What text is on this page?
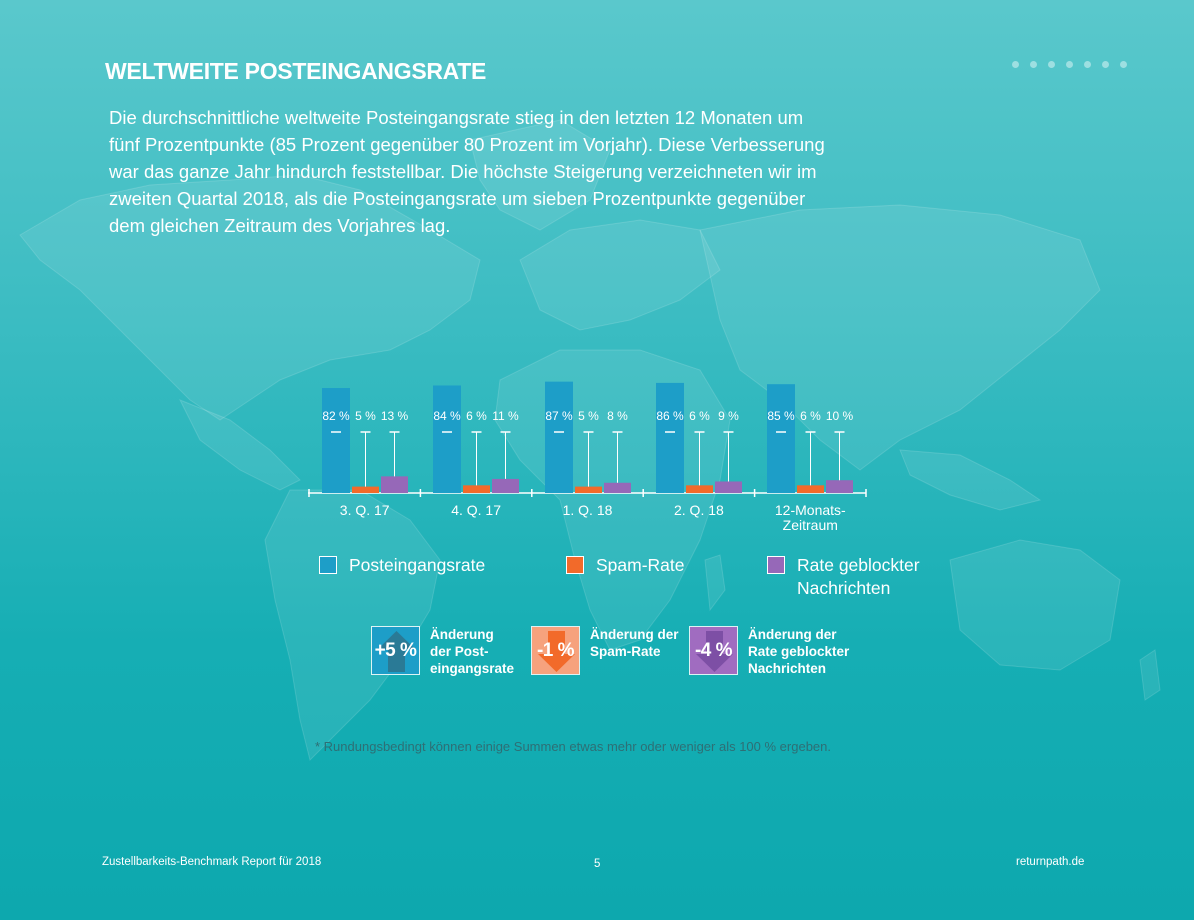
WELTWEITE POSTEINGANGSRATE

Die durchschnittliche weltweite Posteingangsrate stieg in den letzten 12 Monaten um fünf Prozentpunkte (85 Prozent gegenüber 80 Prozent im Vorjahr). Diese Verbesserung war das ganze Jahr hindurch feststellbar. Die höchste Steigerung verzeichneten wir im zweiten Quartal 2018, als die Posteingangsrate um sieben Prozentpunkte gegenüber dem gleichen Zeitraum des Vorjahres lag.

82 %	84 %	87 %	86 %	85 %
5 %	6 %	5 %	6 %	6 %
13 %	11 %	8 %	9 %	10 %
3. Q. 17	4. Q. 17	1. Q. 18	2. Q. 18	12-Monats-
Zeitraum
Posteingangsrate	Spam-Rate	Rate geblockter
Nachrichten
+5 %
Änderung
der Post-
eingangsrate
-1 %
Änderung der
Spam-Rate	-4 %
Änderung der
Rate geblockter
Nachrichten
* Rundungsbedingt können einige Summen etwas mehr oder weniger als 100 % ergeben.
Zustellbarkeits-Benchmark Report für 2018	5	returnpath.de
